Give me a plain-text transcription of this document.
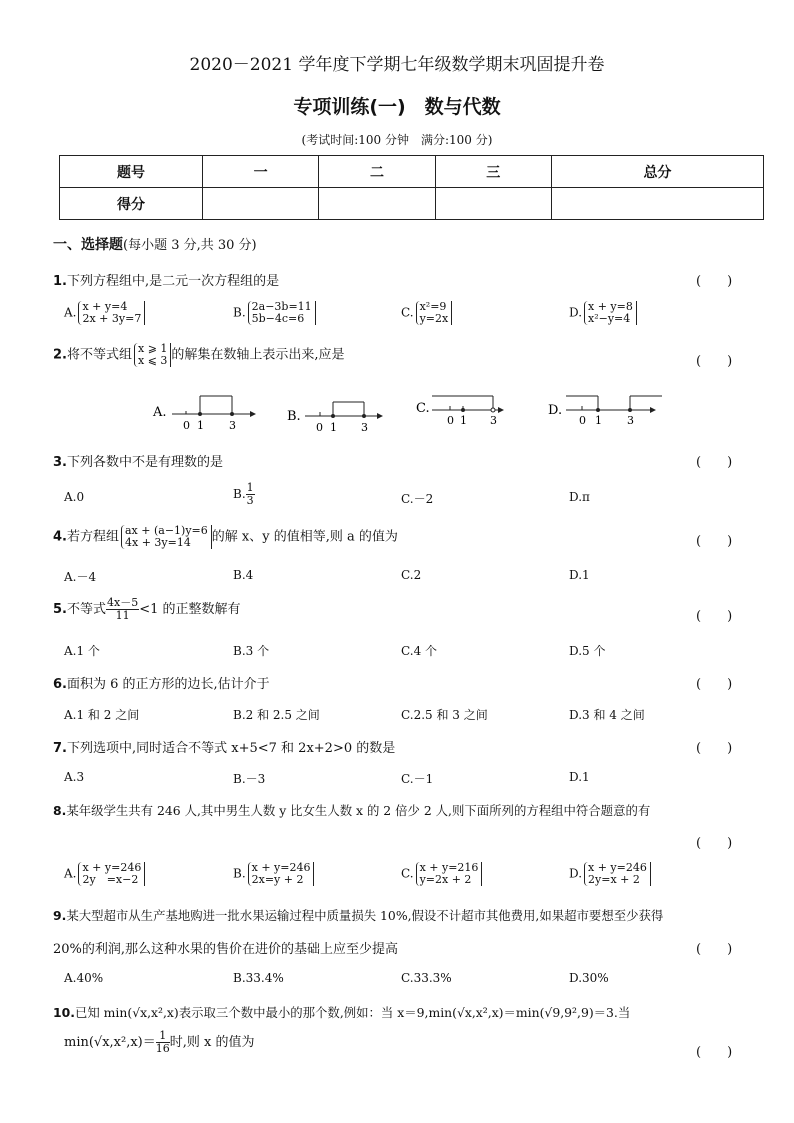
2020－2021 学年度下学期七年级数学期末巩固提升卷
专项训练(一)　数与代数
(考试时间:100 分钟　满分:100 分)
题号	一	二	三	总分
得分				
一、选择题(每小题 3 分,共 30 分)
1.下列方程组中,是二元一次方程组的是	(　　)
A. x + y=4
2x + 3y=7	B. 2a−3b=11
5b−4c=6	C. x²=9
y=2x	D. x + y=8
x²−y=4
2.将不等式组 x ⩾ 1
x ⩽ 3 的解集在数轴上表示出来,应是	(　　)
A.
0 1 3
B.
0 1 3
C.
0 1 3
D.
0 1 3
3.下列各数中不是有理数的是	(　　)
A.0	B. $\frac{1}{3}$	C.－2	D.π
4.若方程组 ax + (a−1)y=6
4x + 3y=14	的解 x、y 的值相等,则 a 的值为	(　　)
A.－4	B.4	C.2	D.1
5.不等式 $\frac{4x-5}{11} <1$ 的正整数解有	(　　)
A.1 个	B.3 个	C.4 个	D.5 个
6.面积为 6 的正方形的边长,估计介于	(　　)
A.1 和 2 之间	B.2 和 2.5 之间	C.2.5 和 3 之间	D.3 和 4 之间
7.下列选项中,同时适合不等式 x+5<7 和 2x+2>0 的数是	(　　)
A.3	B.－3	C.－1	D.1
8.某年级学生共有 246 人,其中男生人数 y 比女生人数 x 的 2 倍少 2 人,则下面所列的方程组中符合题意的有
(　　)
A. x + y=246
2y　=x−2	B. x + y=246
2x=y + 2	C. x + y=216
y=2x + 2	D. x + y=246
2y=x + 2
9.某大型超市从生产基地购进一批水果运输过程中质量损失 10%,假设不计超市其他费用,如果超市要想至少获得
20%的利润,那么这种水果的售价在进价的基础上应至少提高	(　　)
A.40%	B.33.4%	C.33.3%	D.30%
10.已知 min(√x,x²,x)表示取三个数中最小的那个数,例如：当 x＝9,min(√x,x²,x)＝min(√9,9²,9)＝3.当
$\min(√x,x^2,x)= \frac{1}{16}$ 时,则 x 的值为
(　　)
